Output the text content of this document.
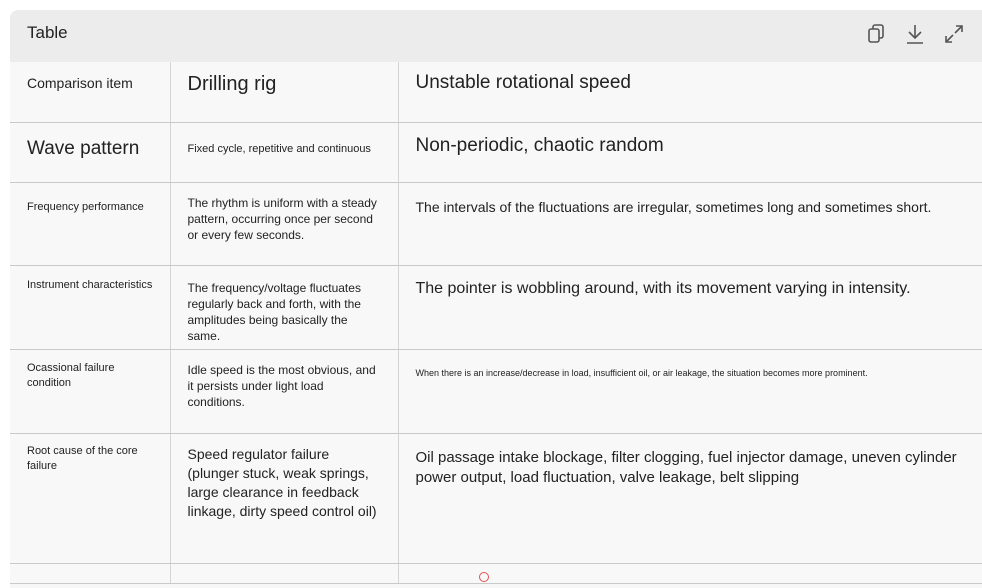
Table
Comparison item	Drilling rig	Unstable rotational speed

Wave pattern	Fixed cycle, repetitive and continuous	Non-periodic, chaotic random

Frequency performance	The rhythm is uniform with a steady pattern, occurring once per second or every few seconds.	The intervals of the fluctuations are irregular, sometimes long and sometimes short.

Instrument characteristics	The frequency/voltage fluctuates regularly back and forth, with the amplitudes being basically the same.	The pointer is wobbling around, with its movement varying in intensity.

Ocassional failure condition	Idle speed is the most obvious, and it persists under light load conditions.	When there is an increase/decrease in load, insufficient oil, or air leakage, the situation becomes more prominent.

Root cause of the core failure	Speed regulator failure (plunger stuck, weak springs, large clearance in feedback linkage, dirty speed control oil)	Oil passage intake blockage, filter clogging, fuel injector damage, uneven cylinder power output, load fluctuation, valve leakage, belt slipping
